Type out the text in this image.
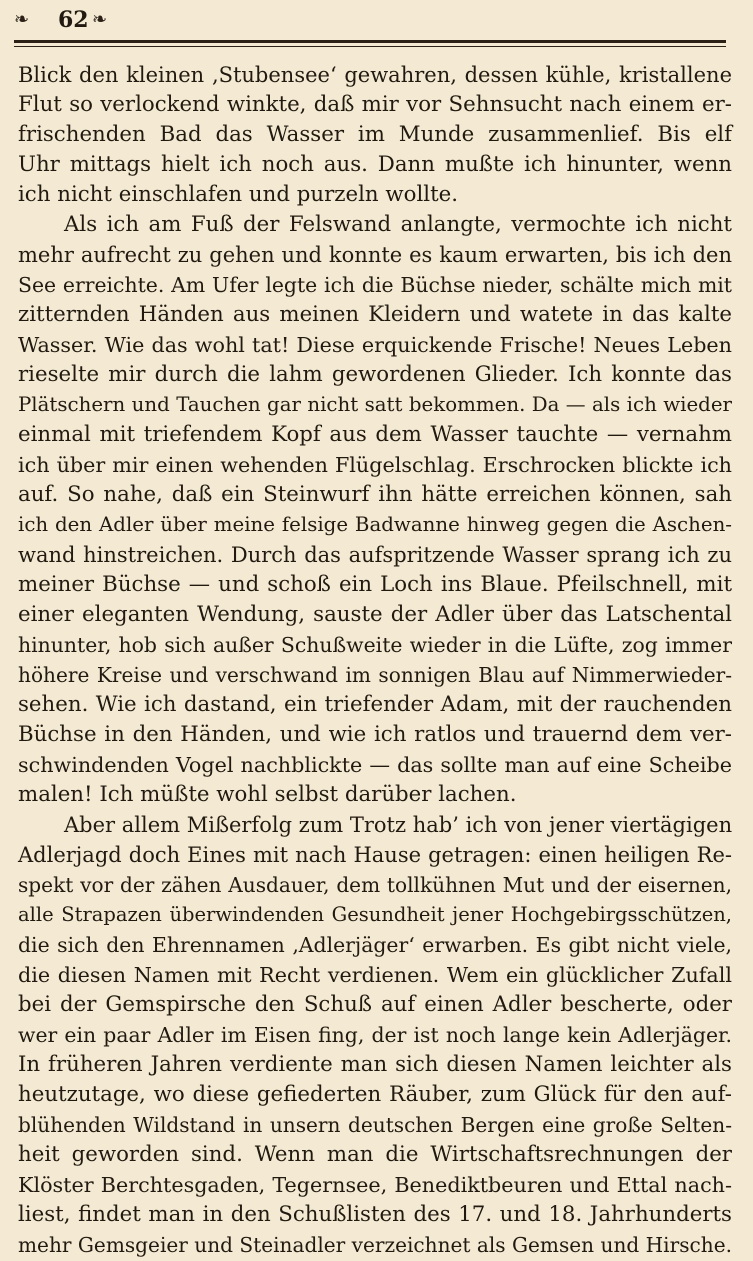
❧ 62 ❧
Blick den kleinen ‚Stubensee‘ gewahren, dessen kühle, kristallene
Flut so verlockend winkte, daß mir vor Sehnsucht nach einem er-
frischenden Bad das Wasser im Munde zusammenlief. Bis elf
Uhr mittags hielt ich noch aus. Dann mußte ich hinunter, wenn
ich nicht einschlafen und purzeln wollte.
Als ich am Fuß der Felswand anlangte, vermochte ich nicht
mehr aufrecht zu gehen und konnte es kaum erwarten, bis ich den
See erreichte. Am Ufer legte ich die Büchse nieder, schälte mich mit
zitternden Händen aus meinen Kleidern und watete in das kalte
Wasser. Wie das wohl tat! Diese erquickende Frische! Neues Leben
rieselte mir durch die lahm gewordenen Glieder. Ich konnte das
Plätschern und Tauchen gar nicht satt bekommen. Da — als ich wieder
einmal mit triefendem Kopf aus dem Wasser tauchte — vernahm
ich über mir einen wehenden Flügelschlag. Erschrocken blickte ich
auf. So nahe, daß ein Steinwurf ihn hätte erreichen können, sah
ich den Adler über meine felsige Badwanne hinweg gegen die Aschen-
wand hinstreichen. Durch das aufspritzende Wasser sprang ich zu
meiner Büchse — und schoß ein Loch ins Blaue. Pfeilschnell, mit
einer eleganten Wendung, sauste der Adler über das Latschental
hinunter, hob sich außer Schußweite wieder in die Lüfte, zog immer
höhere Kreise und verschwand im sonnigen Blau auf Nimmerwieder-
sehen. Wie ich dastand, ein triefender Adam, mit der rauchenden
Büchse in den Händen, und wie ich ratlos und trauernd dem ver-
schwindenden Vogel nachblickte — das sollte man auf eine Scheibe
malen! Ich müßte wohl selbst darüber lachen.
Aber allem Mißerfolg zum Trotz hab’ ich von jener viertägigen
Adlerjagd doch Eines mit nach Hause getragen: einen heiligen Re-
spekt vor der zähen Ausdauer, dem tollkühnen Mut und der eisernen,
alle Strapazen überwindenden Gesundheit jener Hochgebirgsschützen,
die sich den Ehrennamen ‚Adlerjäger‘ erwarben. Es gibt nicht viele,
die diesen Namen mit Recht verdienen. Wem ein glücklicher Zufall
bei der Gemspirsche den Schuß auf einen Adler bescherte, oder
wer ein paar Adler im Eisen fing, der ist noch lange kein Adlerjäger.
In früheren Jahren verdiente man sich diesen Namen leichter als
heutzutage, wo diese gefiederten Räuber, zum Glück für den auf-
blühenden Wildstand in unsern deutschen Bergen eine große Selten-
heit geworden sind. Wenn man die Wirtschaftsrechnungen der
Klöster Berchtesgaden, Tegernsee, Benediktbeuren und Ettal nach-
liest, findet man in den Schußlisten des 17. und 18. Jahrhunderts
mehr Gemsgeier und Steinadler verzeichnet als Gemsen und Hirsche.
